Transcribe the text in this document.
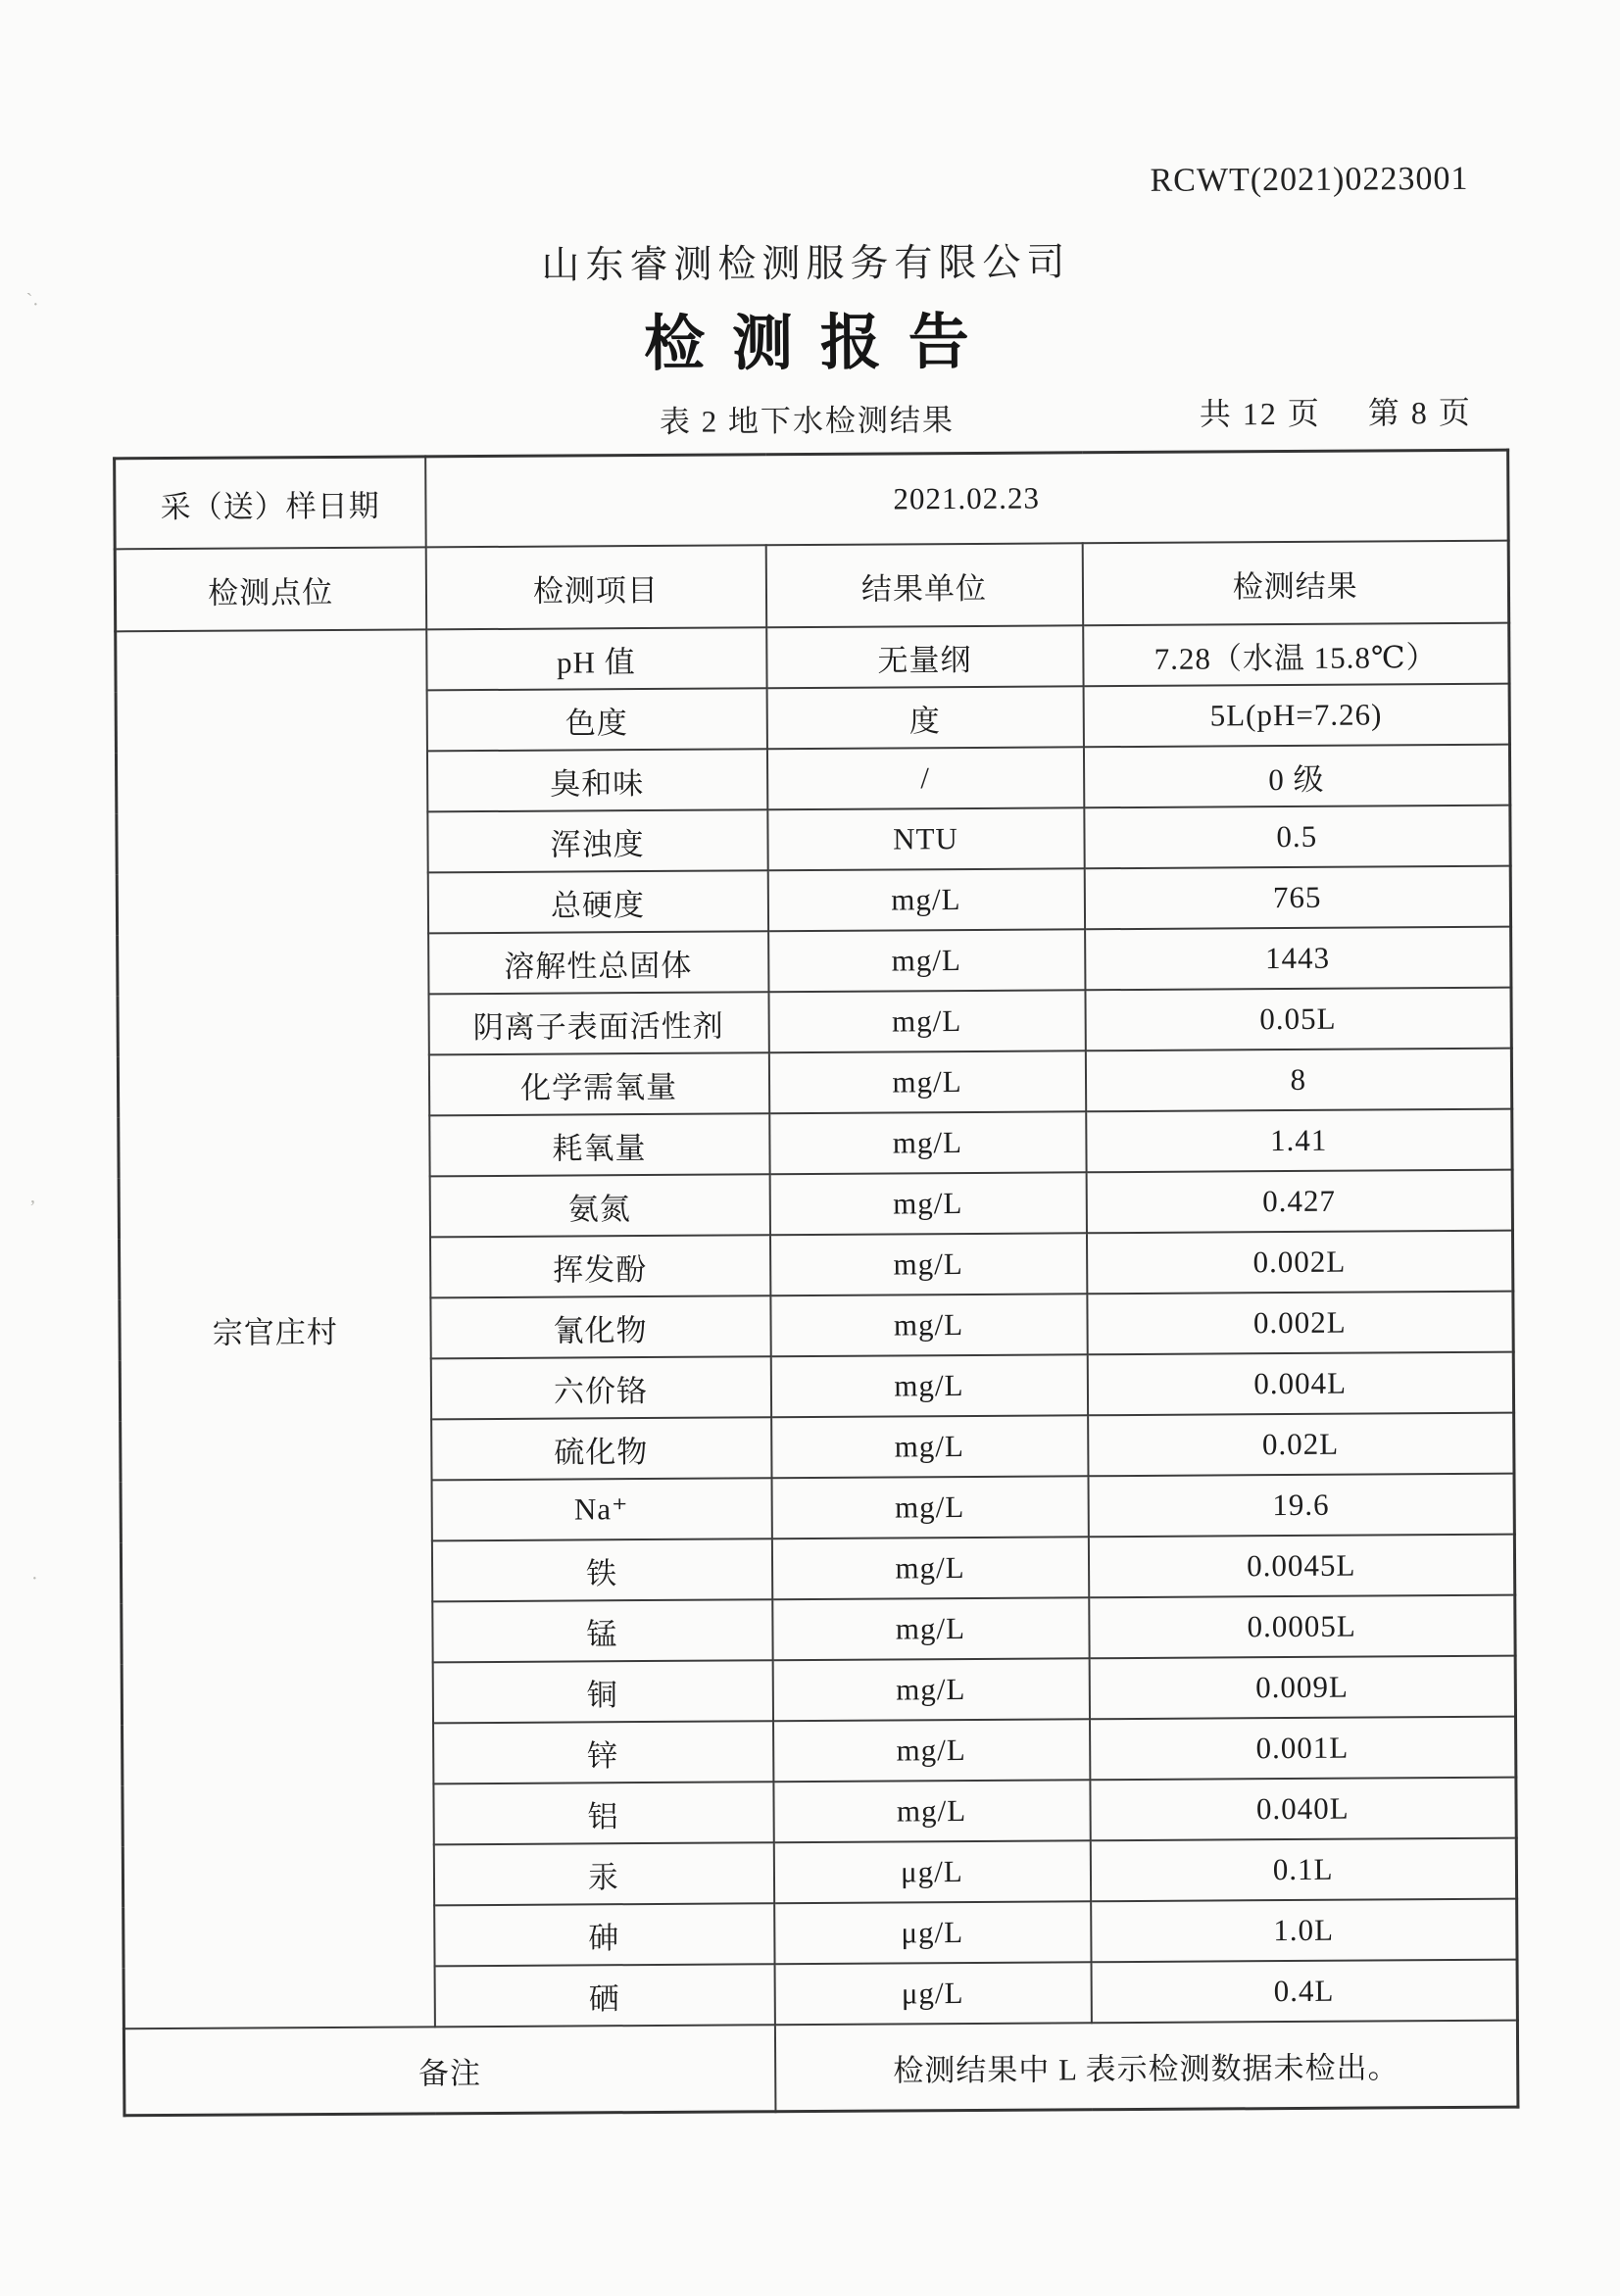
̀·
‚
·
RCWT(2021)0223001
山东睿测检测服务有限公司
检测报告
表 2 地下水检测结果	共 12 页 第 8 页
采（送）样日期	2021.02.23		
检测点位	检测项目	结果单位	检测结果
宗官庄村	pH 值	无量纲	7.28（水温 15.8℃）
	色度	度	5L(pH=7.26)
	臭和味	/	0 级
	浑浊度	NTU	0.5
	总硬度	mg/L	765
	溶解性总固体	mg/L	1443
	阴离子表面活性剂	mg/L	0.05L
	化学需氧量	mg/L	8
	耗氧量	mg/L	1.41
	氨氮	mg/L	0.427
	挥发酚	mg/L	0.002L
	氰化物	mg/L	0.002L
	六价铬	mg/L	0.004L
	硫化物	mg/L	0.02L
	Na⁺	mg/L	19.6
	铁	mg/L	0.0045L
	锰	mg/L	0.0005L
	铜	mg/L	0.009L
	锌	mg/L	0.001L
	铝	mg/L	0.040L
	汞	μg/L	0.1L
	砷	μg/L	1.0L
	硒	μg/L	0.4L
备注		检测结果中 L 表示检测数据未检出。	
